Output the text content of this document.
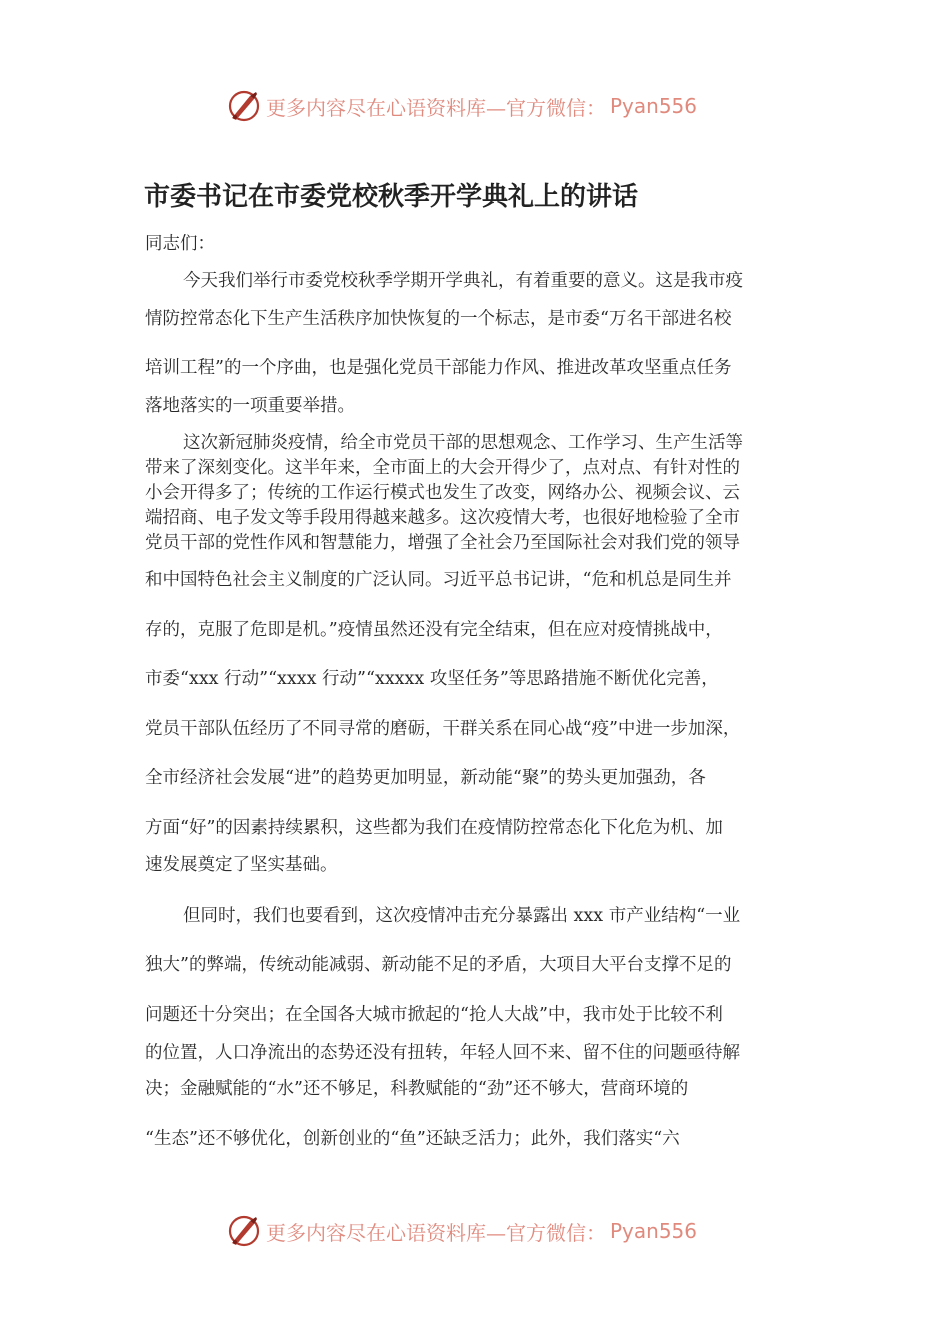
更多内容尽在心语资料库—官方微信： Pyan556
市委书记在市委党校秋季开学典礼上的讲话

同志们：

今天我们举行市委党校秋季学期开学典礼，有着重要的意义。这是我市疫

情防控常态化下生产生活秩序加快恢复的一个标志，是市委“万名干部进名校

培训工程”的一个序曲，也是强化党员干部能力作风、推进改革攻坚重点任务

落地落实的一项重要举措。

这次新冠肺炎疫情，给全市党员干部的思想观念、工作学习、生产生活等

带来了深刻变化。这半年来，全市面上的大会开得少了，点对点、有针对性的

小会开得多了；传统的工作运行模式也发生了改变，网络办公、视频会议、云

端招商、电子发文等手段用得越来越多。这次疫情大考，也很好地检验了全市

党员干部的党性作风和智慧能力，增强了全社会乃至国际社会对我们党的领导

和中国特色社会主义制度的广泛认同。习近平总书记讲，“危和机总是同生并

存的，克服了危即是机。”疫情虽然还没有完全结束，但在应对疫情挑战中，

市委“xxx 行动”“xxxx 行动”“xxxxx 攻坚任务”等思路措施不断优化完善，

党员干部队伍经历了不同寻常的磨砺，干群关系在同心战“疫”中进一步加深，

全市经济社会发展“进”的趋势更加明显，新动能“聚”的势头更加强劲，各

方面“好”的因素持续累积，这些都为我们在疫情防控常态化下化危为机、加

速发展奠定了坚实基础。

但同时，我们也要看到，这次疫情冲击充分暴露出 xxx 市产业结构“一业

独大”的弊端，传统动能减弱、新动能不足的矛盾，大项目大平台支撑不足的

问题还十分突出；在全国各大城市掀起的“抢人大战”中，我市处于比较不利

的位置，人口净流出的态势还没有扭转，年轻人回不来、留不住的问题亟待解

决；金融赋能的“水”还不够足，科教赋能的“劲”还不够大，营商环境的

“生态”还不够优化，创新创业的“鱼”还缺乏活力；此外，我们落实“六

更多内容尽在心语资料库—官方微信： Pyan556
